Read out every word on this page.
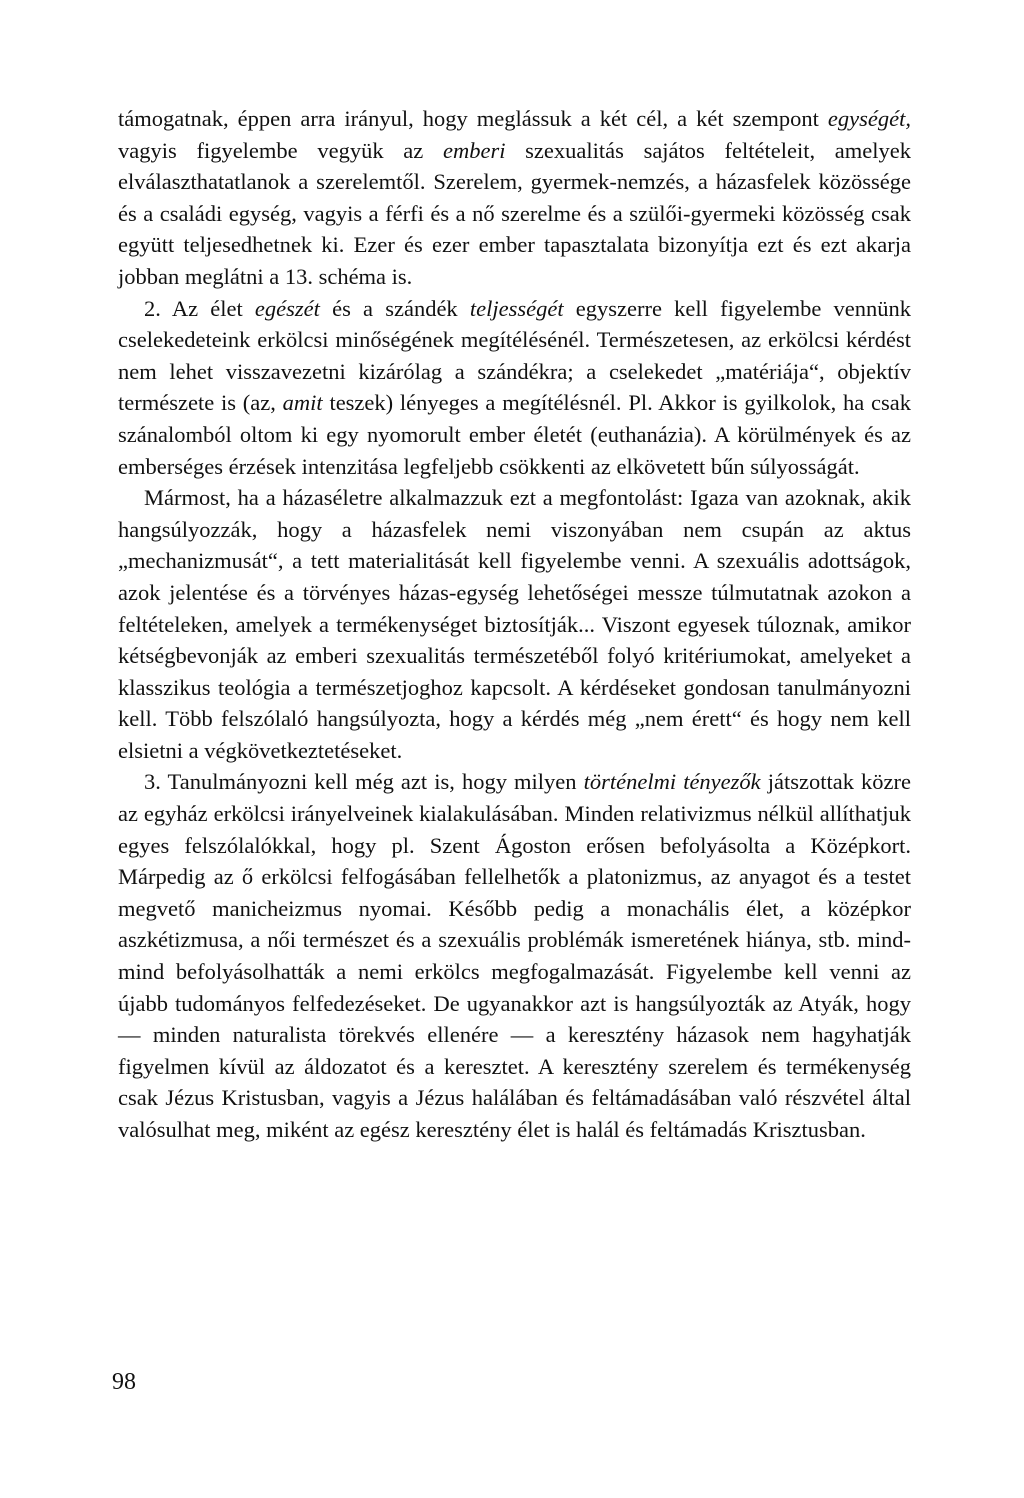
támogatnak, éppen arra irányul, hogy meglássuk a két cél, a két szempont egységét, vagyis figyelembe vegyük az emberi szexualitás sajátos feltételeit, amelyek elválaszthatatlanok a szerelemtől. Szerelem, gyermek-nemzés, a házasfelek közössége és a családi egység, vagyis a férfi és a nő szerelme és a szülői-gyermeki közösség csak együtt teljesedhetnek ki. Ezer és ezer ember tapasztalata bizonyítja ezt és ezt akarja jobban meglátni a 13. schéma is.

2. Az élet egészét és a szándék teljességét egyszerre kell figyelembe vennünk cselekedeteink erkölcsi minőségének megítélésénél. Természetesen, az erkölcsi kérdést nem lehet visszavezetni kizárólag a szándékra; a cselekedet „matériája“, objektív természete is (az, amit teszek) lényeges a megítélésnél. Pl. Akkor is gyilkolok, ha csak szánalomból oltom ki egy nyomorult ember életét (euthanázia). A körülmények és az emberséges érzések intenzitása legfeljebb csökkenti az elkövetett bűn súlyosságát.

Mármost, ha a házaséletre alkalmazzuk ezt a megfontolást: Igaza van azoknak, akik hangsúlyozzák, hogy a házasfelek nemi viszonyában nem csupán az aktus „mechanizmusát“, a tett materialitását kell figyelembe venni. A szexuális adottságok, azok jelentése és a törvényes házas-egység lehetőségei messze túlmutatnak azokon a feltételeken, amelyek a termékenységet biztosítják... Viszont egyesek túloznak, amikor kétségbevonják az emberi szexualitás természetéből folyó kritériumokat, amelyeket a klasszikus teológia a természetjoghoz kapcsolt. A kérdéseket gondosan tanulmányozni kell. Több felszólaló hangsúlyozta, hogy a kérdés még „nem érett“ és hogy nem kell elsietni a végkövetkeztetéseket.

3. Tanulmányozni kell még azt is, hogy milyen történelmi tényezők játszottak közre az egyház erkölcsi irányelveinek kialakulásában. Minden relativizmus nélkül allíthatjuk egyes felszólalókkal, hogy pl. Szent Ágoston erősen befolyásolta a Középkort. Márpedig az ő erkölcsi felfogásában fellelhetők a platonizmus, az anyagot és a testet megvető manicheizmus nyomai. Később pedig a monachális élet, a középkor aszkétizmusa, a női természet és a szexuális problémák ismeretének hiánya, stb. mind-mind befolyásolhatták a nemi erkölcs megfogalmazását. Figyelembe kell venni az újabb tudományos felfedezéseket. De ugyanakkor azt is hangsúlyozták az Atyák, hogy — minden naturalista törekvés ellenére — a keresztény házasok nem hagyhatják figyelmen kívül az áldozatot és a keresztet. A keresztény szerelem és termékenység csak Jézus Kristusban, vagyis a Jézus halálában és feltámadásában való részvétel által valósulhat meg, miként az egész keresztény élet is halál és feltámadás Krisztusban.

98
